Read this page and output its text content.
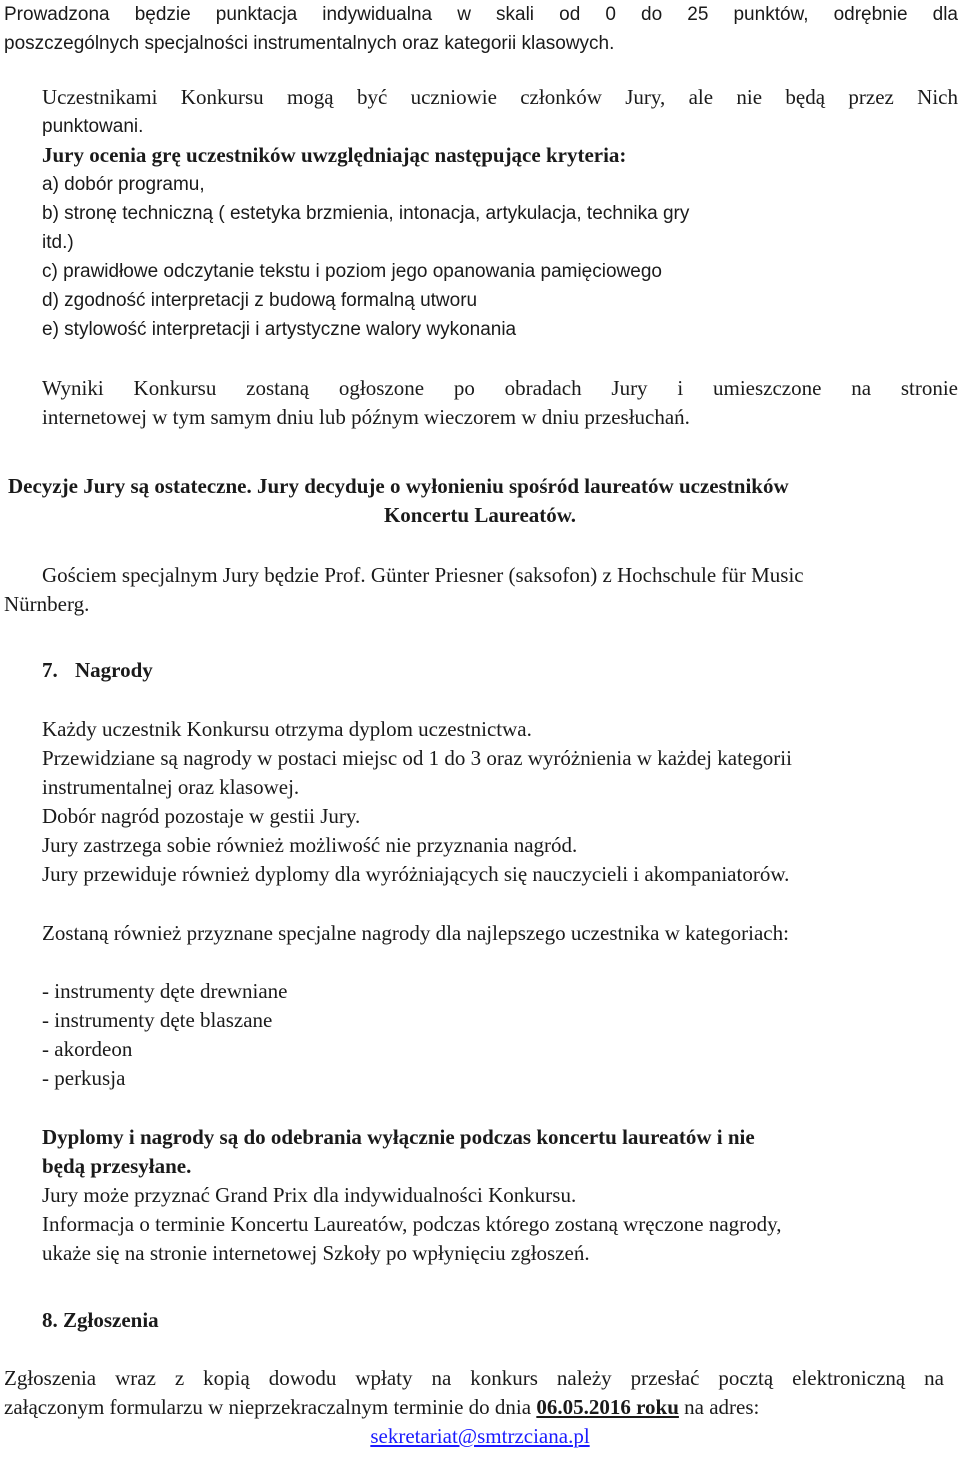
Prowadzona będzie punktacja indywidualna w skali od 0 do 25 punktów, odrębnie dla
poszczególnych specjalności instrumentalnych oraz kategorii klasowych.
Uczestnikami Konkursu mogą być uczniowie członków Jury, ale nie będą przez Nich
punktowani.
Jury ocenia grę uczestników uwzględniając następujące kryteria:
a) dobór programu,
b) stronę techniczną ( estetyka brzmienia, intonacja, artykulacja, technika gry
itd.)
c) prawidłowe odczytanie tekstu i poziom jego opanowania pamięciowego
d) zgodność interpretacji z budową formalną utworu
e) stylowość interpretacji i artystyczne walory wykonania
Wyniki Konkursu zostaną ogłoszone po obradach Jury i umieszczone na stronie
internetowej w tym samym dniu lub późnym wieczorem w dniu przesłuchań.
Decyzje Jury są ostateczne. Jury decyduje o wyłonieniu spośród laureatów uczestników
Koncertu Laureatów.
Gościem specjalnym Jury będzie Prof. Günter Priesner (saksofon) z Hochschule für Music
Nürnberg.
7. Nagrody
Każdy uczestnik Konkursu otrzyma dyplom uczestnictwa.
Przewidziane są nagrody w postaci miejsc od 1 do 3 oraz wyróżnienia w każdej kategorii
instrumentalnej oraz klasowej.
Dobór nagród pozostaje w gestii Jury.
Jury zastrzega sobie również możliwość nie przyznania nagród.
Jury przewiduje również dyplomy dla wyróżniających się nauczycieli i akompaniatorów.
Zostaną również przyznane specjalne nagrody dla najlepszego uczestnika w kategoriach:
- instrumenty dęte drewniane
- instrumenty dęte blaszane
- akordeon
- perkusja
Dyplomy i nagrody są do odebrania wyłącznie podczas koncertu laureatów i nie
będą przesyłane.
Jury może przyznać Grand Prix dla indywidualności Konkursu.
Informacja o terminie Koncertu Laureatów, podczas którego zostaną wręczone nagrody,
ukaże się na stronie internetowej Szkoły po wpłynięciu zgłoszeń.
8. Zgłoszenia
Zgłoszenia wraz z kopią dowodu wpłaty na konkurs należy przesłać pocztą elektroniczną na
załączonym formularzu w nieprzekraczalnym terminie do dnia 06.05.2016 roku na adres:
sekretariat@smtrzciana.pl
